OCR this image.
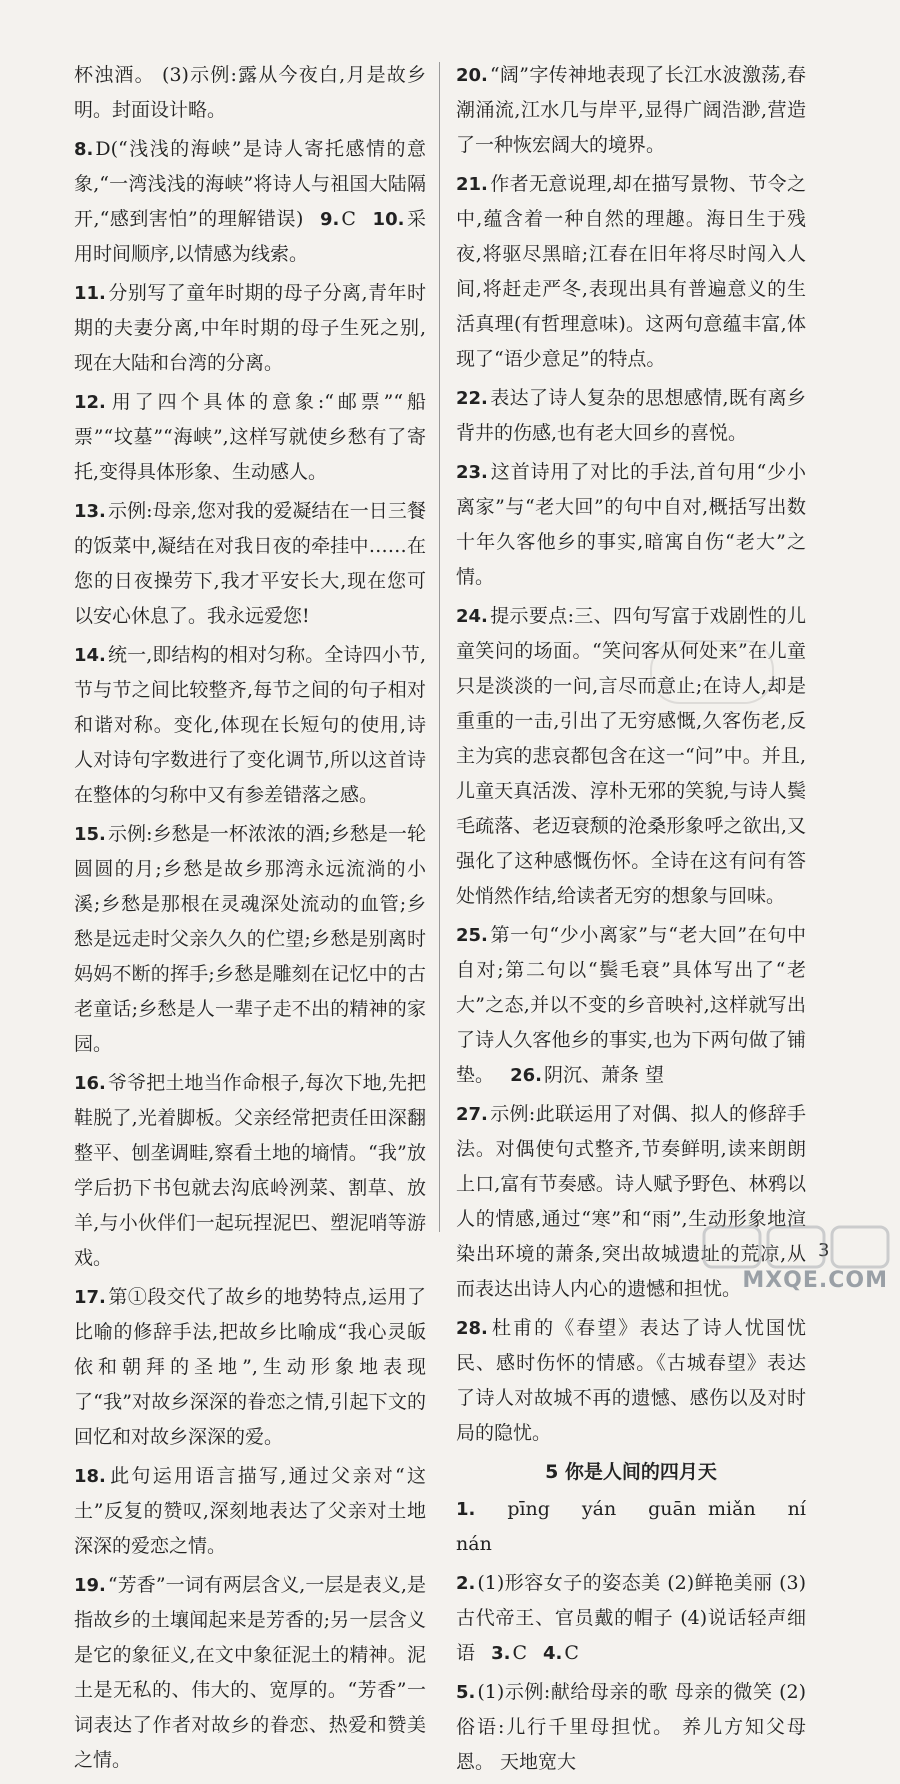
杯浊酒。 (3)示例:露从今夜白,月是故乡明。封面设计略。
8. D(“浅浅的海峡”是诗人寄托感情的意象,“一湾浅浅的海峡”将诗人与祖国大陆隔开,“感到害怕”的理解错误) 9. C 10. 采用时间顺序,以情感为线索。
11. 分别写了童年时期的母子分离,青年时期的夫妻分离,中年时期的母子生死之别,现在大陆和台湾的分离。
12. 用了四个具体的意象:“邮票”“船票”“坟墓”“海峡”,这样写就使乡愁有了寄托,变得具体形象、生动感人。
13. 示例:母亲,您对我的爱凝结在一日三餐的饭菜中,凝结在对我日夜的牵挂中……在您的日夜操劳下,我才平安长大,现在您可以安心休息了。我永远爱您!
14. 统一,即结构的相对匀称。全诗四小节,节与节之间比较整齐,每节之间的句子相对和谐对称。变化,体现在长短句的使用,诗人对诗句字数进行了变化调节,所以这首诗在整体的匀称中又有参差错落之感。
15. 示例:乡愁是一杯浓浓的酒;乡愁是一轮圆圆的月;乡愁是故乡那湾永远流淌的小溪;乡愁是那根在灵魂深处流动的血管;乡愁是远走时父亲久久的伫望;乡愁是别离时妈妈不断的挥手;乡愁是雕刻在记忆中的古老童话;乡愁是人一辈子走不出的精神的家园。
16. 爷爷把土地当作命根子,每次下地,先把鞋脱了,光着脚板。父亲经常把责任田深翻整平、刨垄调畦,察看土地的墒情。“我”放学后扔下书包就去沟底岭洌菜、割草、放羊,与小伙伴们一起玩捏泥巴、塑泥哨等游戏。
17. 第①段交代了故乡的地势特点,运用了比喻的修辞手法,把故乡比喻成“我心灵皈依和朝拜的圣地”,生动形象地表现了“我”对故乡深深的眷恋之情,引起下文的回忆和对故乡深深的爱。
18. 此句运用语言描写,通过父亲对“这土”反复的赞叹,深刻地表达了父亲对土地深深的爱恋之情。
19. “芳香”一词有两层含义,一层是表义,是指故乡的土壤闻起来是芳香的;另一层含义是它的象征义,在文中象征泥土的精神。泥土是无私的、伟大的、宽厚的。“芳香”一词表达了作者对故乡的眷恋、热爱和赞美之情。
20. “阔”字传神地表现了长江水波激荡,春潮涌流,江水几与岸平,显得广阔浩渺,营造了一种恢宏阔大的境界。
21. 作者无意说理,却在描写景物、节令之中,蕴含着一种自然的理趣。海日生于残夜,将驱尽黑暗;江春在旧年将尽时闯入人间,将赶走严冬,表现出具有普遍意义的生活真理(有哲理意味)。这两句意蕴丰富,体现了“语少意足”的特点。
22. 表达了诗人复杂的思想感情,既有离乡背井的伤感,也有老大回乡的喜悦。
23. 这首诗用了对比的手法,首句用“少小离家”与“老大回”的句中自对,概括写出数十年久客他乡的事实,暗寓自伤“老大”之情。
24. 提示要点:三、四句写富于戏剧性的儿童笑问的场面。“笑问客从何处来”在儿童只是淡淡的一问,言尽而意止;在诗人,却是重重的一击,引出了无穷感慨,久客伤老,反主为宾的悲哀都包含在这一“问”中。并且,儿童天真活泼、淳朴无邪的笑貌,与诗人鬓毛疏落、老迈衰颓的沧桑形象呼之欲出,又强化了这种感慨伤怀。全诗在这有问有答处悄然作结,给读者无穷的想象与回味。
25. 第一句“少小离家”与“老大回”在句中自对;第二句以“鬓毛衰”具体写出了“老大”之态,并以不变的乡音映衬,这样就写出了诗人久客他乡的事实,也为下两句做了铺垫。 26. 阴沉、萧条 望
27. 示例:此联运用了对偶、拟人的修辞手法。对偶使句式整齐,节奏鲜明,读来朗朗上口,富有节奏感。诗人赋予野色、林鸦以人的情感,通过“寒”和“雨”,生动形象地渲染出环境的萧条,突出故城遗址的荒凉,从而表达出诗人内心的遗憾和担忧。
28. 杜甫的《春望》表达了诗人忧国忧民、感时伤怀的情感。《古城春望》表达了诗人对故城不再的遗憾、感伤以及对时局的隐忧。
5 你是人间的四月天
1. pīng yán guān miǎn ní nán
2. (1)形容女子的姿态美 (2)鲜艳美丽 (3)古代帝王、官员戴的帽子 (4)说话轻声细语 3. C 4. C
5. (1)示例:献给母亲的歌 母亲的微笑 (2)俗语:儿行千里母担忧。 养儿方知父母恩。 天地宽大
3
MXQE.COM
